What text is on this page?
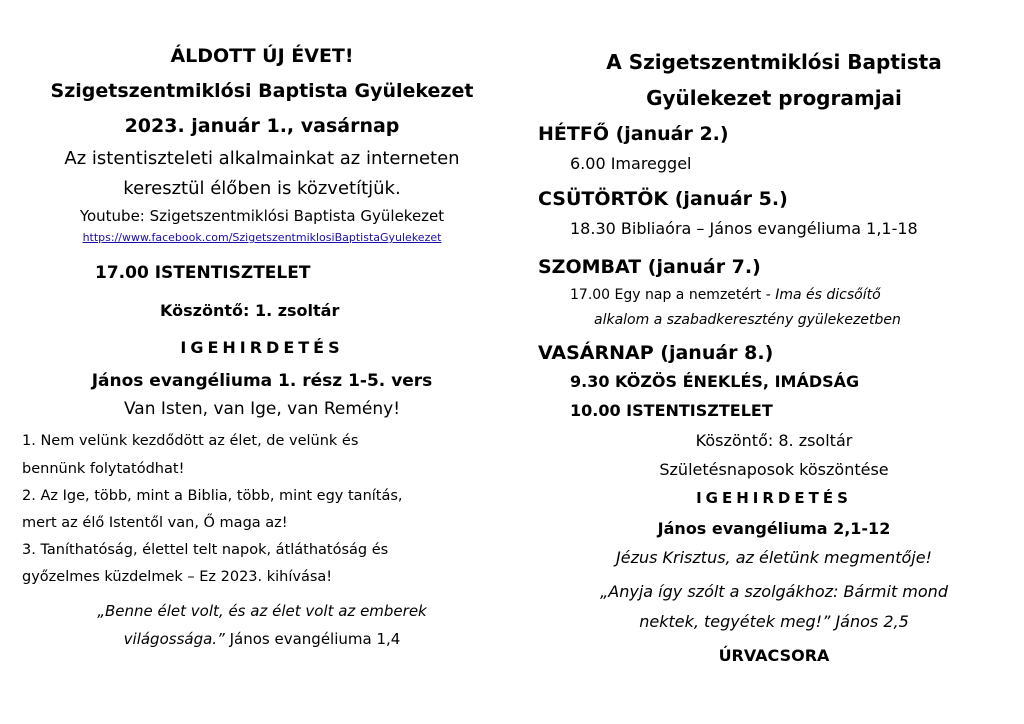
ÁLDOTT ÚJ ÉVET!
Szigetszentmiklósi Baptista Gyülekezet
2023. január 1., vasárnap
Az istentiszteleti alkalmainkat az interneten
keresztül élőben is közvetítjük.
Youtube: Szigetszentmiklósi Baptista Gyülekezet
https://www.facebook.com/SzigetszentmiklosiBaptistaGyulekezet
17.00 ISTENTISZTELET
Köszöntő: 1. zsoltár
IGEHIRDETÉS
János evangéliuma 1. rész 1-5. vers
Van Isten, van Ige, van Remény!
1. Nem velünk kezdődött az élet, de velünk és
bennünk folytatódhat!
2. Az Ige, több, mint a Biblia, több, mint egy tanítás,
mert az élő Istentől van, Ő maga az!
3. Taníthatóság, élettel telt napok, átláthatóság és
győzelmes küzdelmek – Ez 2023. kihívása!
„Benne élet volt, és az élet volt az emberek
világossága.” János evangéliuma 1,4
A Szigetszentmiklósi Baptista
Gyülekezet programjai
HÉTFŐ (január 2.)
6.00 Imareggel
CSÜTÖRTÖK (január 5.)
18.30 Bibliaóra – János evangéliuma 1,1-18
SZOMBAT (január 7.)
17.00 Egy nap a nemzetért - Ima és dicsőítő
alkalom a szabadkeresztény gyülekezetben
VASÁRNAP (január 8.)
9.30 KÖZÖS ÉNEKLÉS, IMÁDSÁG
10.00 ISTENTISZTELET
Köszöntő: 8. zsoltár
Születésnaposok köszöntése
IGEHIRDETÉS
János evangéliuma 2,1-12
Jézus Krisztus, az életünk megmentője!
„Anyja így szólt a szolgákhoz: Bármit mond
nektek, tegyétek meg!” János 2,5
ÚRVACSORA
